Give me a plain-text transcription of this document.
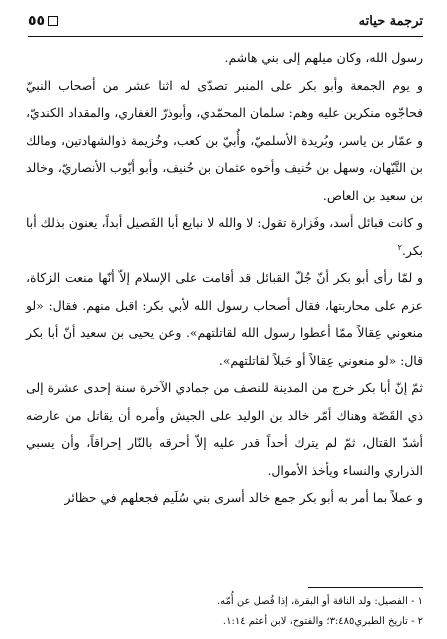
ترجمة حياته
٥٥

رسول الله، وكان ميلهم إلى بني هاشم.

و يوم الجمعة وأبو بكر على المنبر تصدّى له اثنا عشر من أصحاب النبيّ فحاجّوه منكرين عليه وهم: سلمان المحمّدي، وأبوذرّ الغفاري، والمقداد الكنديّ، و عمّار بن ياسر، وبُريدة الأسلميّ، وأُبيّ بن كعب، وخُزيمة ذوالشهادتين، ومالك بن التَّيّهان، وسهل بن حُنيف وأخوه عثمان بن حُنيف، وأبو أيّوب الأنصاريّ، وخالد بن سعيد بن العاص.

و كانت قبائل أسد، وفَزارة تقول: لا والله لا نبايع أبا الفَصيل أبداً، يعنون بذلك أبا بكر.$^٢$

و لمّا رأى أبو بكر أنّ جُلّ القبائل قد أقامت على الإسلام إلاّ أنّها منعت الزكاة، عزم على محاربتها، فقال أصحاب رسول الله لأبي بكر: اقبل منهم. فقال: «لو منعوني عِقالاً ممّا أعطوا رسول الله لقاتلتهم». وعن يحيى بن سعيد أنّ أبا بكر قال: «لو منعوني عِقالاً أو حَبلاً لقاتلتهم».

ثمّ إنّ أبا بكر خرج من المدينة للنصف من جمادي الآخرة سنة إحدى عشرة إلى ذي القَصّة وهناك أمّر خالد بن الوليد على الجيش وأمره أن يقاتل من عارضه أشدّ القتال، ثمّ لم يترك أحداً قدر عليه إلاّ أحرقه بالنّار إحراقاً، وأن يسبي الذراري والنساء ويأخذ الأموال.

و عملاً بما أمر به أبو بكر جمع خالد أسرى بني سُلَيم فجعلهم في حظائر

١ - الفصيل: ولد الناقة أو البقرة، إذا فُصل عن أُمّه.

٢ - تاريخ الطبري٣:٤٨٥؛ والفتوح، لابن أعثم ١:١٤.
